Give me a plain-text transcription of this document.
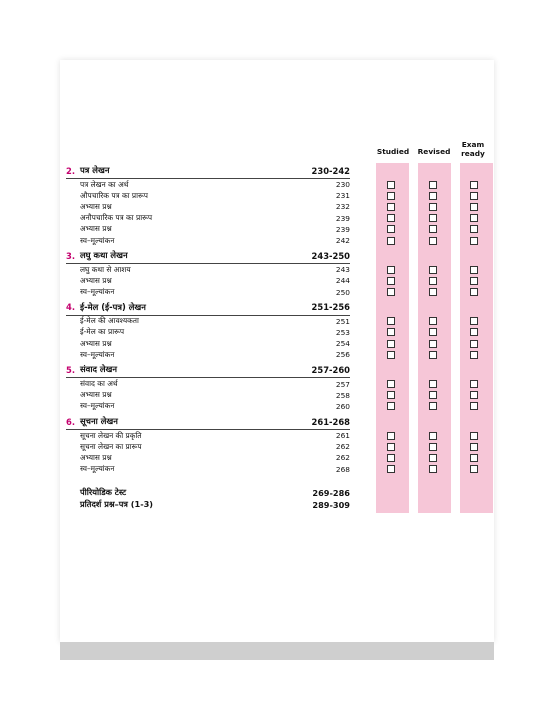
Studied	Revised
Exam ready
2. पत्र लेखन	230-242
पत्र लेखन का अर्थ	230
औपचारिक पत्र का प्रारूप	231
अभ्यास प्रश्न	232
अनौपचारिक पत्र का प्रारूप	239
अभ्यास प्रश्न	239
स्व–मूल्यांकन	242
3. लघु कथा लेखन	243-250
लघु कथा से आशय	243
अभ्यास प्रश्न	244
स्व–मूल्यांकन	250
4. ई-मेल (ई-पत्र) लेखन	251-256
ई-मेल की आवश्यकता	251
ई-मेल का प्रारूप	253
अभ्यास प्रश्न	254
स्व–मूल्यांकन	256
5. संवाद लेखन	257-260
संवाद का अर्थ	257
अभ्यास प्रश्न	258
स्व–मूल्यांकन	260
6. सूचना लेखन	261-268
सूचना लेखन की प्रकृति	261
सूचना लेखन का प्रारूप	262
अभ्यास प्रश्न	262
स्व–मूल्यांकन	268
पीरियोडिक टेस्ट	269-286
प्रतिदर्श प्रश्न–पत्र (1-3)	289-309
